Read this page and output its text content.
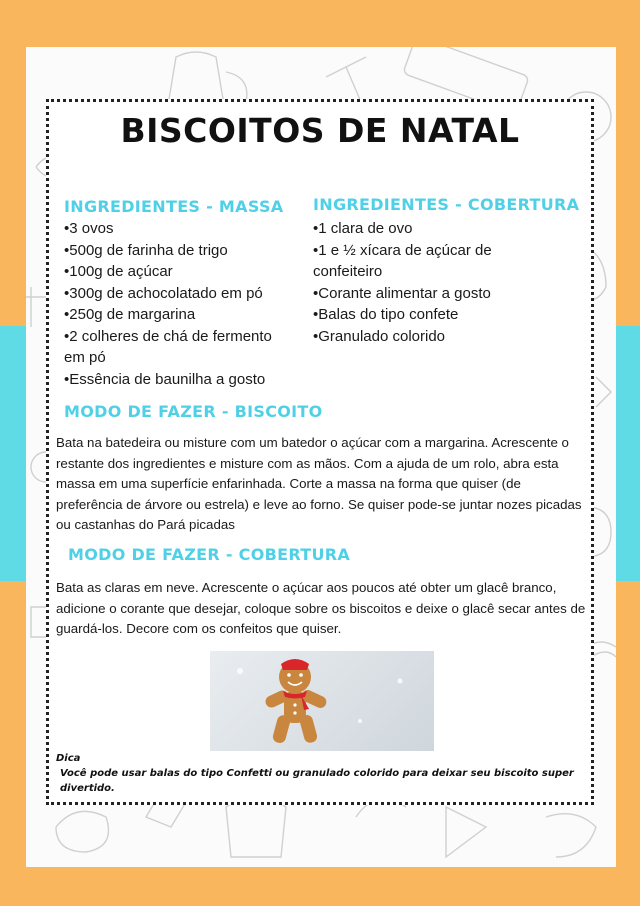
BISCOITOS DE NATAL
INGREDIENTES - MASSA
• 3 ovos
• 500g de farinha de trigo
• 100g de açúcar
• 300g de achocolatado em pó
• 250g de margarina
• 2 colheres de chá de fermento em pó
• Essência de baunilha a gosto
INGREDIENTES - COBERTURA
• 1 clara de ovo
• 1 e ½ xícara de açúcar de confeiteiro
• Corante alimentar a gosto
• Balas do tipo confete
• Granulado colorido
MODO DE FAZER - BISCOITO

Bata na batedeira ou misture com um batedor o açúcar com a margarina. Acrescente o restante dos ingredientes e misture com as mãos. Com a ajuda de um rolo, abra esta massa em uma superfície enfarinhada. Corte a massa na forma que quiser (de preferência de árvore ou estrela) e leve ao forno. Se quiser pode-se juntar nozes picadas ou castanhas do Pará picadas

MODO DE FAZER - COBERTURA

Bata as claras em neve. Acrescente o açúcar aos poucos até obter um glacê branco, adicione o corante que desejar, coloque sobre os biscoitos e deixe o glacê secar antes de guardá-los. Decore com os confeitos que quiser.

Dica
Você pode usar balas do tipo Confetti ou granulado colorido para deixar seu biscoito super divertido.
